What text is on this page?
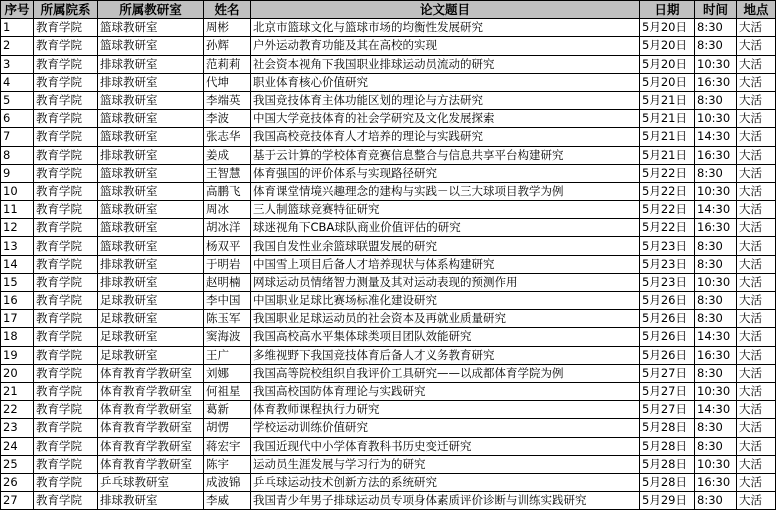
序号	所属院系	所属教研室	姓名	论文题目	日期	时间	地点
1	教育学院	篮球教研室	周彬	北京市篮球文化与篮球市场的均衡性发展研究	5月20日	8:30	大活
2	教育学院	篮球教研室	孙辉	户外运动教育功能及其在高校的实现	5月20日	8:30	大活
3	教育学院	排球教研室	范莉莉	社会资本视角下我国职业排球运动员流动的研究	5月20日	10:30	大活
4	教育学院	排球教研室	代坤	职业体育核心价值研究	5月20日	16:30	大活
5	教育学院	篮球教研室	李端英	我国竞技体育主体功能区划的理论与方法研究	5月21日	8:30	大活
6	教育学院	篮球教研室	李波	中国大学竞技体育的社会学研究及文化发展探索	5月21日	10:30	大活
7	教育学院	篮球教研室	张志华	我国高校竞技体育人才培养的理论与实践研究	5月21日	14:30	大活
8	教育学院	排球教研室	姜成	基于云计算的学校体育竞赛信息整合与信息共享平台构建研究	5月21日	16:30	大活
9	教育学院	篮球教研室	王智慧	体育强国的评价体系与实现路径研究	5月22日	8:30	大活
10	教育学院	篮球教研室	高鹏飞	体育课堂情境兴趣理念的建构与实践－以三大球项目教学为例	5月22日	10:30	大活
11	教育学院	篮球教研室	周冰	三人制篮球竞赛特征研究	5月22日	14:30	大活
12	教育学院	篮球教研室	胡冰洋	球迷视角下CBA球队商业价值评估的研究	5月22日	16:30	大活
13	教育学院	篮球教研室	杨双平	我国自发性业余篮球联盟发展的研究	5月23日	8:30	大活
14	教育学院	排球教研室	于明岩	中国雪上项目后备人才培养现状与体系构建研究	5月23日	8:30	大活
15	教育学院	排球教研室	赵明楠	网球运动员情绪智力测量及其对运动表现的预测作用	5月23日	10:30	大活
16	教育学院	足球教研室	李中国	中国职业足球比赛场标准化建设研究	5月26日	8:30	大活
17	教育学院	足球教研室	陈玉军	我国职业足球运动员的社会资本及再就业质量研究	5月26日	8:30	大活
18	教育学院	足球教研室	窦海波	我国高校高水平集体球类项目团队效能研究	5月26日	14:30	大活
19	教育学院	足球教研室	王广	多维视野下我国竞技体育后备人才义务教育研究	5月26日	16:30	大活
20	教育学院	体育教育学教研室	刘娜	我国高等院校组织自我评价工具研究——以成都体育学院为例	5月27日	8:30	大活
21	教育学院	体育教育学教研室	何祖星	我国高校国防体育理论与实践研究	5月27日	10:30	大活
22	教育学院	体育教育学教研室	葛新	体育教师课程执行力研究	5月27日	14:30	大活
23	教育学院	体育教育学教研室	胡愣	学校运动训练价值研究	5月28日	8:30	大活
24	教育学院	体育教育学教研室	蒋宏宇	我国近现代中小学体育教科书历史变迁研究	5月28日	8:30	大活
25	教育学院	体育教育学教研室	陈宇	运动员生涯发展与学习行为的研究	5月28日	10:30	大活
26	教育学院	乒乓球教研室	成波锦	乒乓球运动技术创新方法的系统研究	5月28日	16:30	大活
27	教育学院	排球教研室	李威	我国青少年男子排球运动员专项身体素质评价诊断与训练实践研究	5月29日	8:30	大活
